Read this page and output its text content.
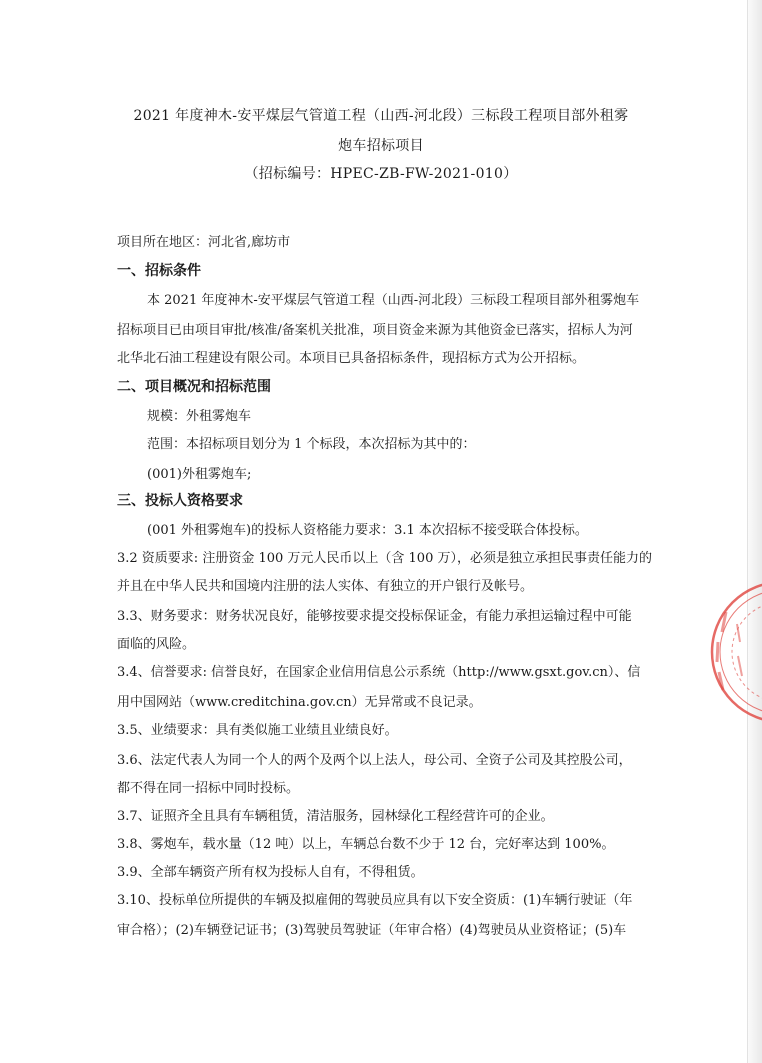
2021 年度神木-安平煤层气管道工程（山西-河北段）三标段工程项目部外租雾
炮车招标项目
（招标编号：HPEC-ZB-FW-2021-010）
项目所在地区：河北省,廊坊市
一、招标条件
本 2021 年度神木-安平煤层气管道工程（山西-河北段）三标段工程项目部外租雾炮车
招标项目已由项目审批/核准/备案机关批准，项目资金来源为其他资金已落实，招标人为河
北华北石油工程建设有限公司。本项目已具备招标条件，现招标方式为公开招标。
二、项目概况和招标范围
规模：外租雾炮车
范围：本招标项目划分为 1 个标段，本次招标为其中的：
(001)外租雾炮车;
三、投标人资格要求
(001 外租雾炮车)的投标人资格能力要求：3.1 本次招标不接受联合体投标。
3.2 资质要求: 注册资金 100 万元人民币以上（含 100 万），必须是独立承担民事责任能力的
并且在中华人民共和国境内注册的法人实体、有独立的开户银行及帐号。
3.3、财务要求：财务状况良好，能够按要求提交投标保证金，有能力承担运输过程中可能
面临的风险。
3.4、信誉要求: 信誉良好，在国家企业信用信息公示系统（http://www.gsxt.gov.cn）、信
用中国网站（www.creditchina.gov.cn）无异常或不良记录。
3.5、业绩要求：具有类似施工业绩且业绩良好。
3.6、法定代表人为同一个人的两个及两个以上法人，母公司、全资子公司及其控股公司，
都不得在同一招标中同时投标。
3.7、证照齐全且具有车辆租赁，清洁服务，园林绿化工程经营许可的企业。
3.8、雾炮车，载水量（12 吨）以上，车辆总台数不少于 12 台，完好率达到 100%。
3.9、全部车辆资产所有权为投标人自有，不得租赁。
3.10、投标单位所提供的车辆及拟雇佣的驾驶员应具有以下安全资质：(1)车辆行驶证（年
审合格）；(2)车辆登记证书；(3)驾驶员驾驶证（年审合格）(4)驾驶员从业资格证；(5)车
